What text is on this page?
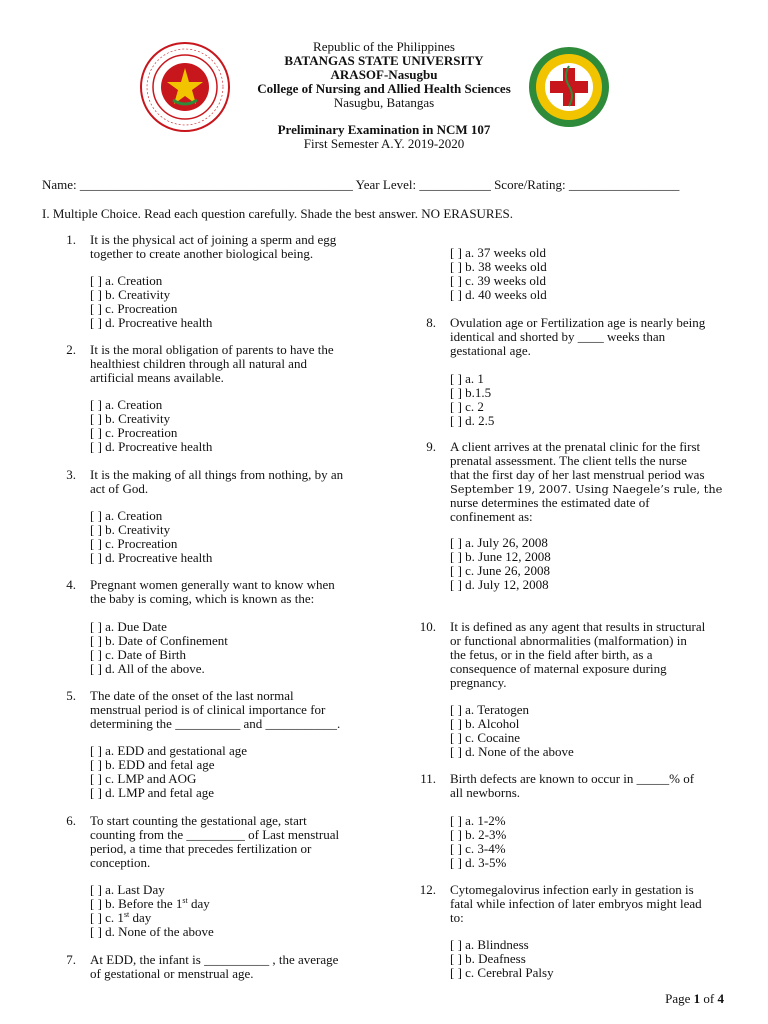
Republic of the Philippines
BATANGAS STATE UNIVERSITY
ARASOF-Nasugbu
College of Nursing and Allied Health Sciences
Nasugbu, Batangas
Preliminary Examination in NCM 107
First Semester A.Y. 2019-2020
Name: __________________________________________ Year Level: ___________ Score/Rating: _________________
I. Multiple Choice. Read each question carefully. Shade the best answer. NO ERASURES.
1. It is the physical act of joining a sperm and egg

together to create another biological being.

[ ] a. Creation
[ ] b. Creativity
[ ] c. Procreation
[ ] d. Procreative health
2. It is the moral obligation of parents to have the

healthiest children through all natural and

artificial means available.

[ ] a. Creation
[ ] b. Creativity
[ ] c. Procreation
[ ] d. Procreative health
3. It is the making of all things from nothing, by an

act of God.

[ ] a. Creation
[ ] b. Creativity
[ ] c. Procreation
[ ] d. Procreative health
4. Pregnant women generally want to know when

the baby is coming, which is known as the:

[ ] a. Due Date
[ ] b. Date of Confinement
[ ] c. Date of Birth
[ ] d. All of the above.
5. The date of the onset of the last normal

menstrual period is of clinical importance for

determining the __________ and ___________.

[ ] a. EDD and gestational age
[ ] b. EDD and fetal age
[ ] c. LMP and AOG
[ ] d. LMP and fetal age
6. To start counting the gestational age, start

counting from the _________ of Last menstrual

period, a time that precedes fertilization or

conception.

[ ] a. Last Day
[ ] b. Before the 1st day
[ ] c. 1st day
[ ] d. None of the above
7. At EDD, the infant is __________ , the average

of gestational or menstrual age.

[ ] a. 37 weeks old
[ ] b. 38 weeks old
[ ] c. 39 weeks old
[ ] d. 40 weeks old
8. Ovulation age or Fertilization age is nearly being

identical and shorted by ____ weeks than

gestational age.

[ ] a. 1
[ ] b.1.5
[ ] c. 2
[ ] d. 2.5
9. A client arrives at the prenatal clinic for the first

prenatal assessment. The client tells the nurse

that the first day of her last menstrual period was

September 19, 2007. Using Naegele’s rule, the

nurse determines the estimated date of

confinement as:

[ ] a. July 26, 2008
[ ] b. June 12, 2008
[ ] c. June 26, 2008
[ ] d. July 12, 2008
10. It is defined as any agent that results in structural

or functional abnormalities (malformation) in

the fetus, or in the field after birth, as a

consequence of maternal exposure during

pregnancy.

[ ] a. Teratogen
[ ] b. Alcohol
[ ] c. Cocaine
[ ] d. None of the above
11. Birth defects are known to occur in _____% of

all newborns.

[ ] a. 1-2%
[ ] b. 2-3%
[ ] c. 3-4%
[ ] d. 3-5%
12. Cytomegalovirus infection early in gestation is

fatal while infection of later embryos might lead

to:

[ ] a. Blindness
[ ] b. Deafness
[ ] c. Cerebral Palsy
Page 1 of 4
